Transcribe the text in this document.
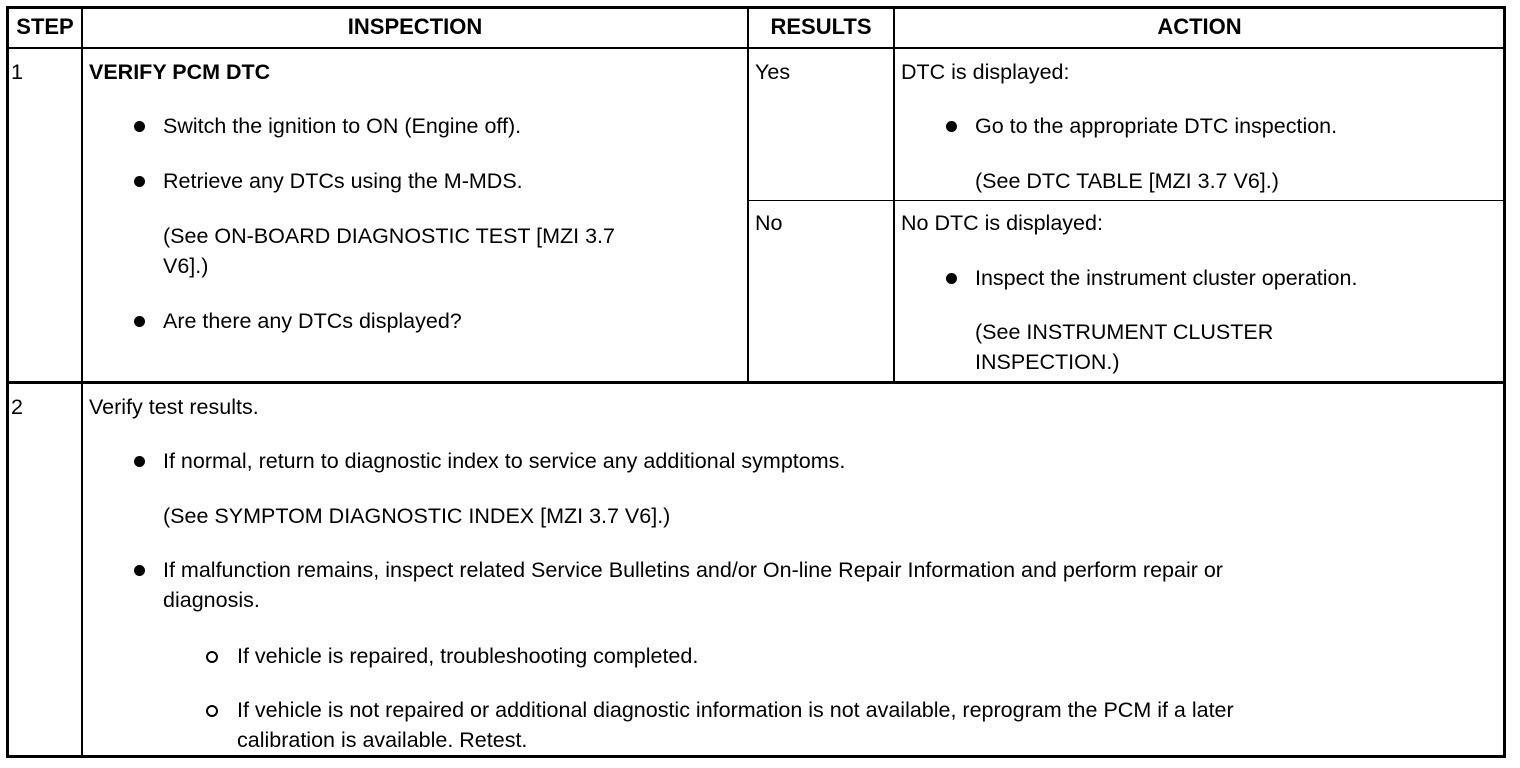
STEP	INSPECTION	RESULTS	ACTION
1	VERIFY PCM DTC
Switch the ignition to ON (Engine off).
Retrieve any DTCs using the M-MDS.
(See ON-BOARD DIAGNOSTIC TEST [MZI 3.7
V6].)
Are there any DTCs displayed?
Yes	DTC is displayed:
Go to the appropriate DTC inspection.
(See DTC TABLE [MZI 3.7 V6].)
No	No DTC is displayed:
Inspect the instrument cluster operation.
(See INSTRUMENT CLUSTER
INSPECTION.)
2	Verify test results.
If normal, return to diagnostic index to service any additional symptoms.
(See SYMPTOM DIAGNOSTIC INDEX [MZI 3.7 V6].)
If malfunction remains, inspect related Service Bulletins and/or On-line Repair Information and perform repair or
diagnosis.
If vehicle is repaired, troubleshooting completed.
If vehicle is not repaired or additional diagnostic information is not available, reprogram the PCM if a later
calibration is available. Retest.
